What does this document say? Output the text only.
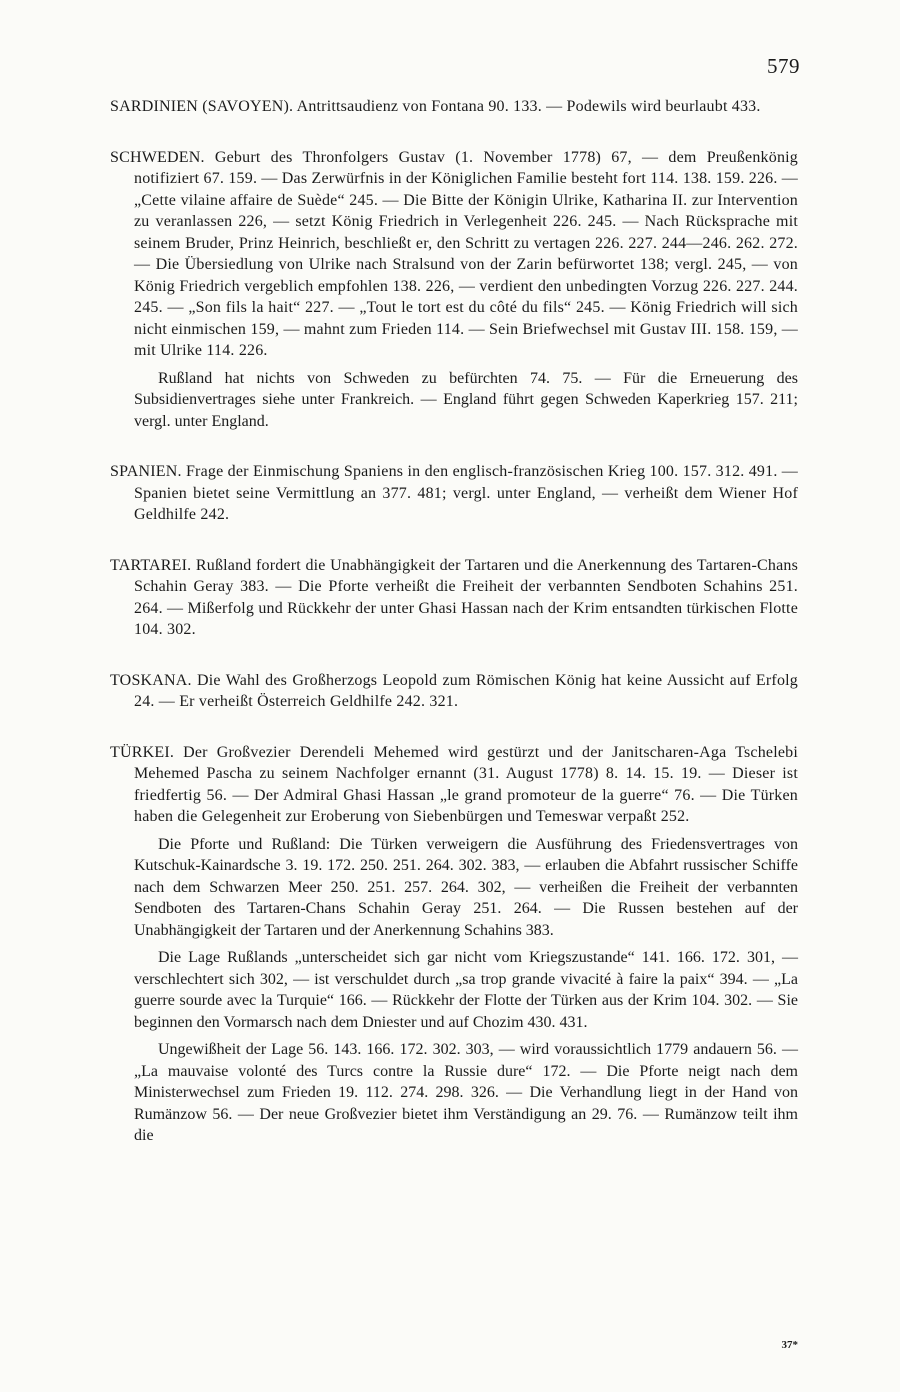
579

SARDINIEN (SAVOYEN). Antrittsaudienz von Fontana 90. 133. — Podewils wird beurlaubt 433.

SCHWEDEN. Geburt des Thronfolgers Gustav (1. November 1778) 67, — dem Preußenkönig notifiziert 67. 159. — Das Zerwürfnis in der Königlichen Familie besteht fort 114. 138. 159. 226. — „Cette vilaine affaire de Suède“ 245. — Die Bitte der Königin Ulrike, Katharina II. zur Intervention zu veranlassen 226, — setzt König Friedrich in Verlegenheit 226. 245. — Nach Rücksprache mit seinem Bruder, Prinz Heinrich, beschließt er, den Schritt zu vertagen 226. 227. 244—246. 262. 272. — Die Übersiedlung von Ulrike nach Stralsund von der Zarin befürwortet 138; vergl. 245, — von König Friedrich vergeblich empfohlen 138. 226, — verdient den unbedingten Vorzug 226. 227. 244. 245. — „Son fils la hait“ 227. — „Tout le tort est du côté du fils“ 245. — König Friedrich will sich nicht einmischen 159, — mahnt zum Frieden 114. — Sein Briefwechsel mit Gustav III. 158. 159, — mit Ulrike 114. 226.

Rußland hat nichts von Schweden zu befürchten 74. 75. — Für die Erneuerung des Subsidienvertrages siehe unter Frankreich. — England führt gegen Schweden Kaperkrieg 157. 211; vergl. unter England.

SPANIEN. Frage der Einmischung Spaniens in den englisch-französischen Krieg 100. 157. 312. 491. — Spanien bietet seine Vermittlung an 377. 481; vergl. unter England, — verheißt dem Wiener Hof Geldhilfe 242.

TARTAREI. Rußland fordert die Unabhängigkeit der Tartaren und die Anerkennung des Tartaren-Chans Schahin Geray 383. — Die Pforte verheißt die Freiheit der verbannten Sendboten Schahins 251. 264. — Mißerfolg und Rückkehr der unter Ghasi Hassan nach der Krim entsandten türkischen Flotte 104. 302.

TOSKANA. Die Wahl des Großherzogs Leopold zum Römischen König hat keine Aussicht auf Erfolg 24. — Er verheißt Österreich Geldhilfe 242. 321.

TÜRKEI. Der Großvezier Derendeli Mehemed wird gestürzt und der Janitscharen-Aga Tschelebi Mehemed Pascha zu seinem Nachfolger ernannt (31. August 1778) 8. 14. 15. 19. — Dieser ist friedfertig 56. — Der Admiral Ghasi Hassan „le grand promoteur de la guerre“ 76. — Die Türken haben die Gelegenheit zur Eroberung von Siebenbürgen und Temeswar verpaßt 252.

Die Pforte und Rußland: Die Türken verweigern die Ausführung des Friedensvertrages von Kutschuk-Kainardsche 3. 19. 172. 250. 251. 264. 302. 383, — erlauben die Abfahrt russischer Schiffe nach dem Schwarzen Meer 250. 251. 257. 264. 302, — verheißen die Freiheit der verbannten Sendboten des Tartaren-Chans Schahin Geray 251. 264. — Die Russen bestehen auf der Unabhängigkeit der Tartaren und der Anerkennung Schahins 383.

Die Lage Rußlands „unterscheidet sich gar nicht vom Kriegszustande“ 141. 166. 172. 301, — verschlechtert sich 302, — ist verschuldet durch „sa trop grande vivacité à faire la paix“ 394. — „La guerre sourde avec la Turquie“ 166. — Rückkehr der Flotte der Türken aus der Krim 104. 302. — Sie beginnen den Vormarsch nach dem Dniester und auf Chozim 430. 431.

Ungewißheit der Lage 56. 143. 166. 172. 302. 303, — wird voraussichtlich 1779 andauern 56. — „La mauvaise volonté des Turcs contre la Russie dure“ 172. — Die Pforte neigt nach dem Ministerwechsel zum Frieden 19. 112. 274. 298. 326. — Die Verhandlung liegt in der Hand von Rumänzow 56. — Der neue Großvezier bietet ihm Verständigung an 29. 76. — Rumänzow teilt ihm die

37*
